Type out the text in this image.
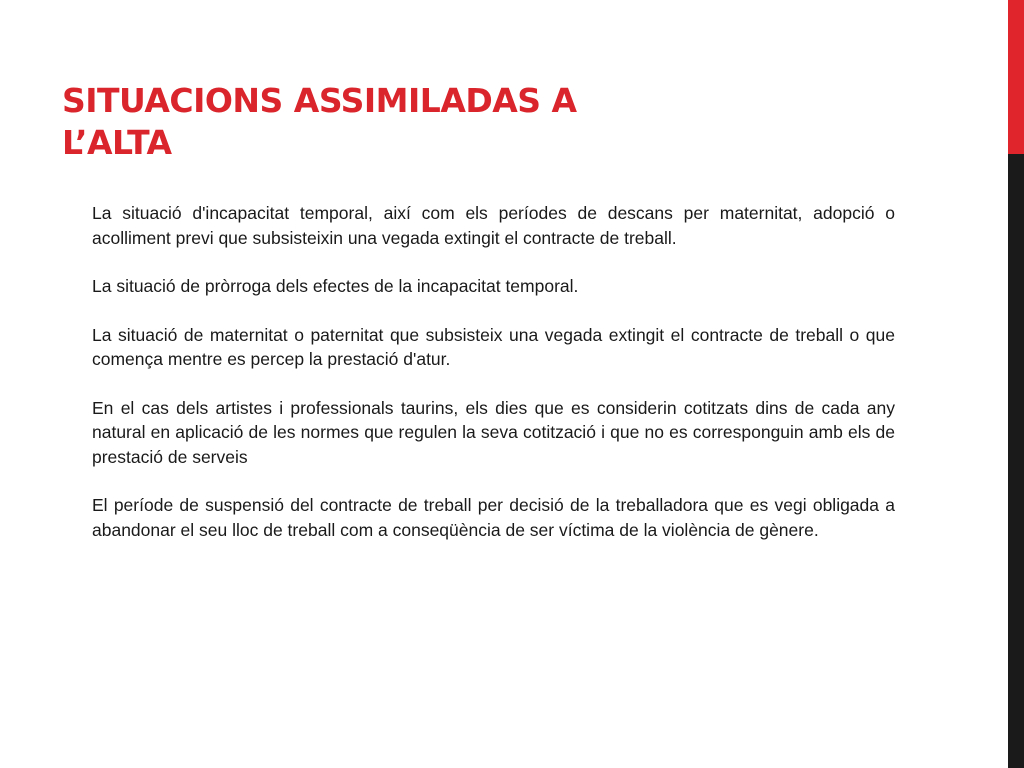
SITUACIONS ASSIMILADAS A
L’ALTA

La situació d'incapacitat temporal, així com els períodes de descans per maternitat, adopció o acolliment previ que subsisteixin una vegada extingit el contracte de treball.

La situació de pròrroga dels efectes de la incapacitat temporal.

La situació de maternitat o paternitat que subsisteix una vegada extingit el contracte de treball o que comença mentre es percep la prestació d'atur.

En el cas dels artistes i professionals taurins, els dies que es considerin cotitzats dins de cada any natural en aplicació de les normes que regulen la seva cotització i que no es corresponguin amb els de prestació de serveis

El període de suspensió del contracte de treball per decisió de la treballadora que es vegi obligada a abandonar el seu lloc de treball com a conseqüència de ser víctima de la violència de gènere.
